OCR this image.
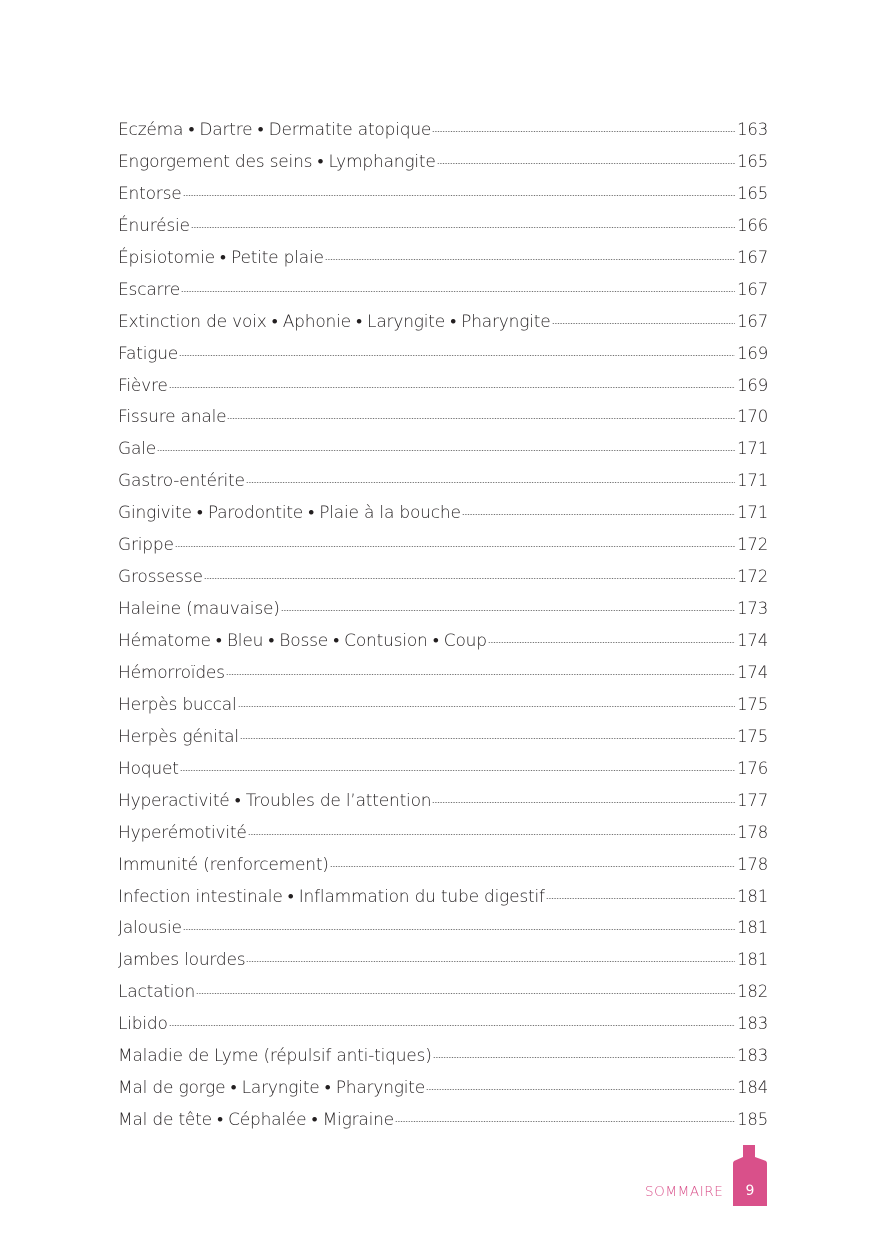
Eczéma • Dartre • Dermatite atopique	163
Engorgement des seins • Lymphangite	165
Entorse	165
Énurésie	166
Épisiotomie • Petite plaie	167
Escarre	167
Extinction de voix • Aphonie • Laryngite • Pharyngite	167
Fatigue	169
Fièvre	169
Fissure anale	170
Gale	171
Gastro-entérite	171
Gingivite • Parodontite • Plaie à la bouche	171
Grippe	172
Grossesse	172
Haleine (mauvaise)	173
Hématome • Bleu • Bosse • Contusion • Coup	174
Hémorroïdes	174
Herpès buccal	175
Herpès génital	175
Hoquet	176
Hyperactivité • Troubles de l’attention	177
Hyperémotivité	178
Immunité (renforcement)	178
Infection intestinale • Inflammation du tube digestif	181
Jalousie	181
Jambes lourdes	181
Lactation	182
Libido	183
Maladie de Lyme (répulsif anti-tiques)	183
Mal de gorge • Laryngite • Pharyngite	184
Mal de tête • Céphalée • Migraine	185
SOMMAIRE	9
